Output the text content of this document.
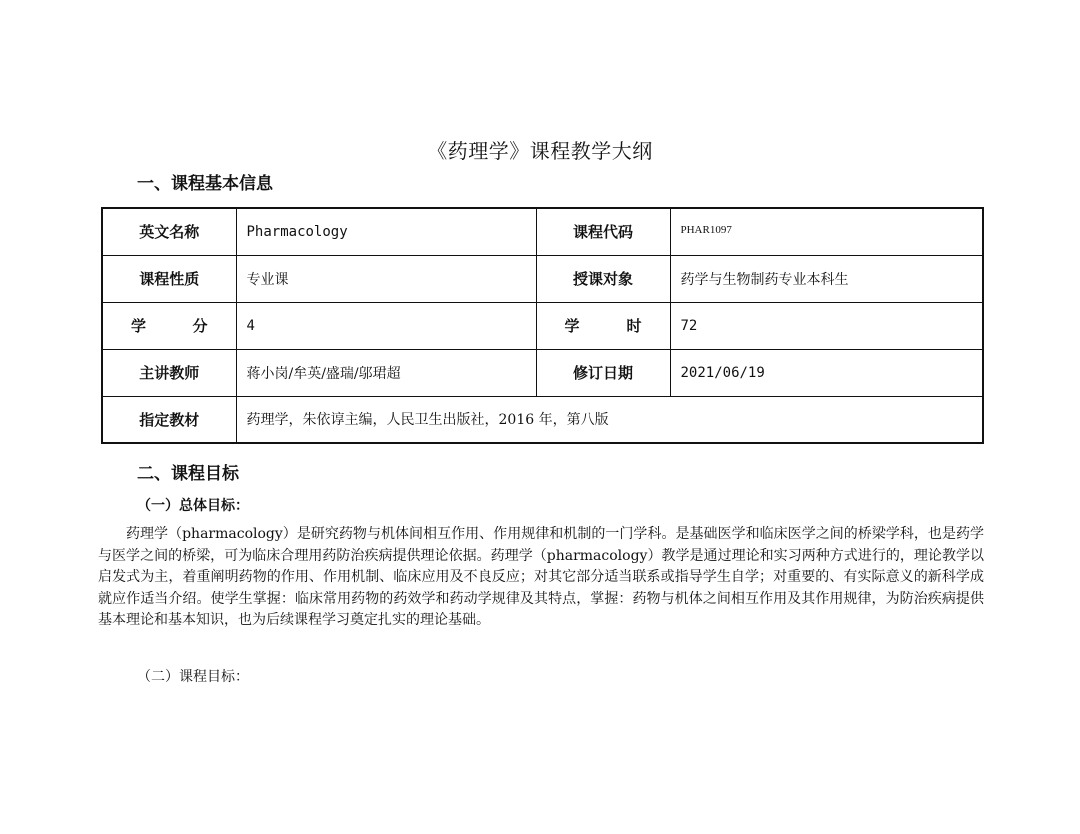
《药理学》课程教学大纲
一、课程基本信息
英文名称	Pharmacology	课程代码	PHAR1097
课程性质	专业课	授课对象	药学与生物制药专业本科生

学 分	4	学 时	72
主讲教师	蒋小岗/牟英/盛瑞/邬珺超	修订日期	2021/06/19
指定教材	药理学，朱依谆主编，人民卫生出版社，2016 年，第八版		
二、课程目标
（一）总体目标：

药理学（pharmacology）是研究药物与机体间相互作用、作用规律和机制的一门学科。是基础医学和临床医学之间的桥梁学科，也是药学与医学之间的桥梁，可为临床合理用药防治疾病提供理论依据。药理学（pharmacology）教学是通过理论和实习两种方式进行的，理论教学以启发式为主，着重阐明药物的作用、作用机制、临床应用及不良反应；对其它部分适当联系或指导学生自学；对重要的、有实际意义的新科学成就应作适当介绍。使学生掌握：临床常用药物的药效学和药动学规律及其特点，掌握：药物与机体之间相互作用及其作用规律，为防治疾病提供基本理论和基本知识，也为后续课程学习奠定扎实的理论基础。

（二）课程目标：
